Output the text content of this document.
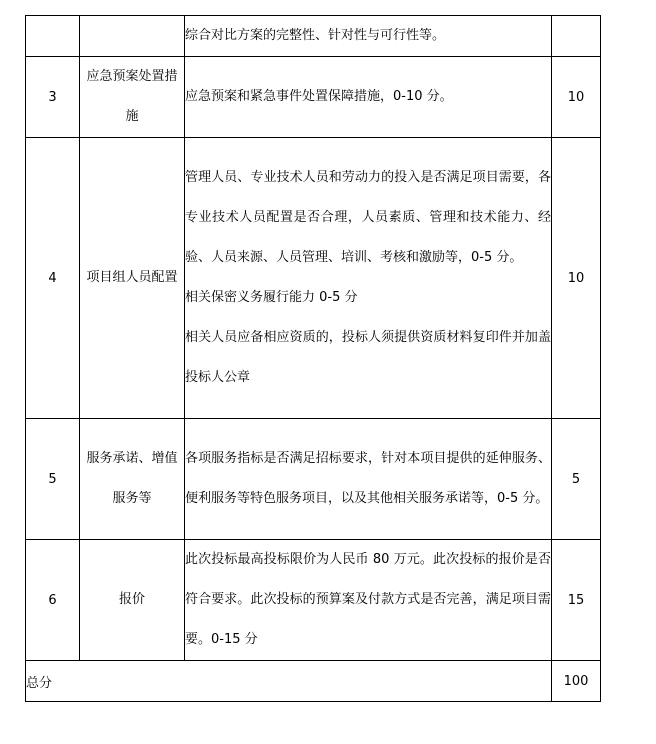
		综合对比方案的完整性、针对性与可行性等。	

3	应急预案处置措施	应急预案和紧急事件处置保障措施，0-10 分。	10
4	项目组人员配置	管理人员、专业技术人员和劳动力的投入是否满足项目需要，各专业技术人员配置是否合理，人员素质、管理和技术能力、经验、人员来源、人员管理、培训、考核和激励等，0-5 分。

相关保密义务履行能力 0-5 分

相关人员应备相应资质的，投标人须提供资质材料复印件并加盖投标人公章	10
5	服务承诺、增值服务等	各项服务指标是否满足招标要求，针对本项目提供的延伸服务、便利服务等特色服务项目，以及其他相关服务承诺等，0-5 分。	5
6	报价	此次投标最高投标限价为人民币 80 万元。此次投标的报价是否符合要求。此次投标的预算案及付款方式是否完善，满足项目需要。0-15 分	15
总分			100
